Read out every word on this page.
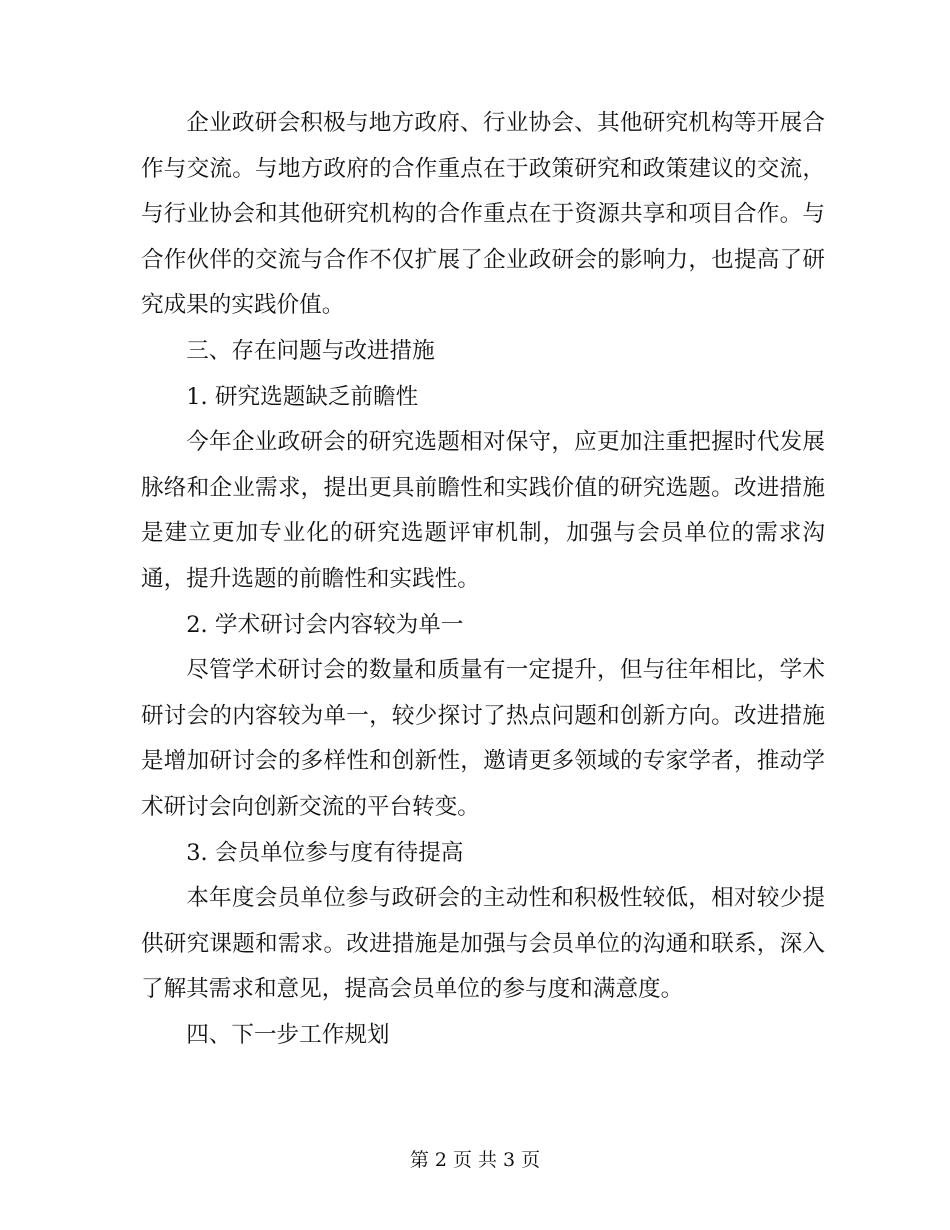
企业政研会积极与地方政府、行业协会、其他研究机构等开展合作与交流。与地方政府的合作重点在于政策研究和政策建议的交流，与行业协会和其他研究机构的合作重点在于资源共享和项目合作。与合作伙伴的交流与合作不仅扩展了企业政研会的影响力，也提高了研究成果的实践价值。

三、存在问题与改进措施

1. 研究选题缺乏前瞻性

今年企业政研会的研究选题相对保守，应更加注重把握时代发展脉络和企业需求，提出更具前瞻性和实践价值的研究选题。改进措施是建立更加专业化的研究选题评审机制，加强与会员单位的需求沟通，提升选题的前瞻性和实践性。

2. 学术研讨会内容较为单一

尽管学术研讨会的数量和质量有一定提升，但与往年相比，学术研讨会的内容较为单一，较少探讨了热点问题和创新方向。改进措施是增加研讨会的多样性和创新性，邀请更多领域的专家学者，推动学术研讨会向创新交流的平台转变。

3. 会员单位参与度有待提高

本年度会员单位参与政研会的主动性和积极性较低，相对较少提供研究课题和需求。改进措施是加强与会员单位的沟通和联系，深入了解其需求和意见，提高会员单位的参与度和满意度。

四、下一步工作规划

第 2 页 共 3 页
